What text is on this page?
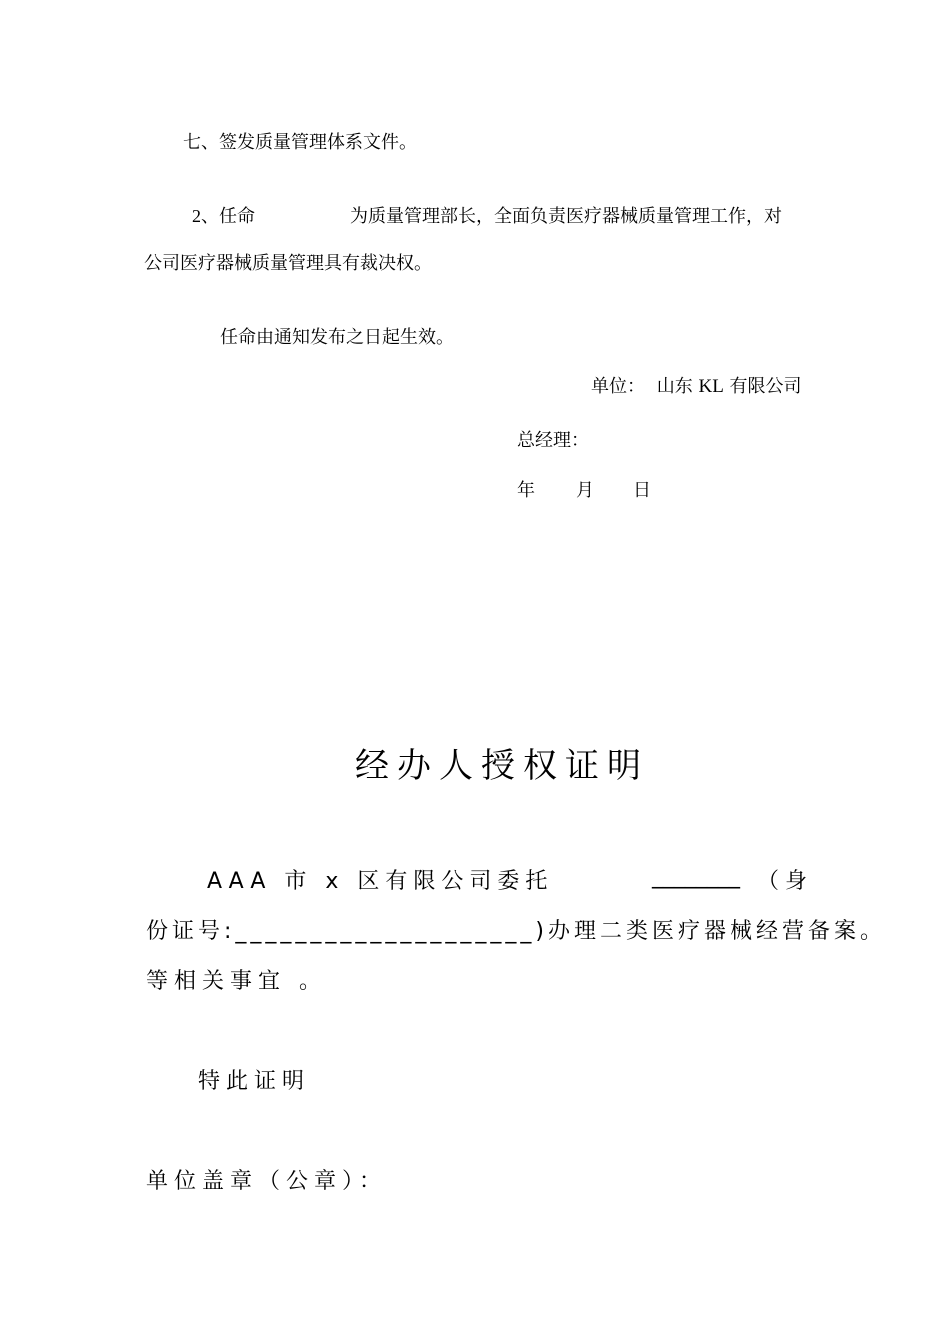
七、签发质量管理体系文件。
2、任命	为质量管理部长，全面负责医疗器械质量管理工作，对
公司医疗器械质量管理具有裁决权。
任命由通知发布之日起生效。
单位： 山东 KL 有限公司
总经理：
年 月 日
经办人授权证明
AAA 市 x 区有限公司委托	________ （身
份证号:____________________)办理二类医疗器械经营备案。
等相关事宜 。
特此证明
单位盖章（公章）：
